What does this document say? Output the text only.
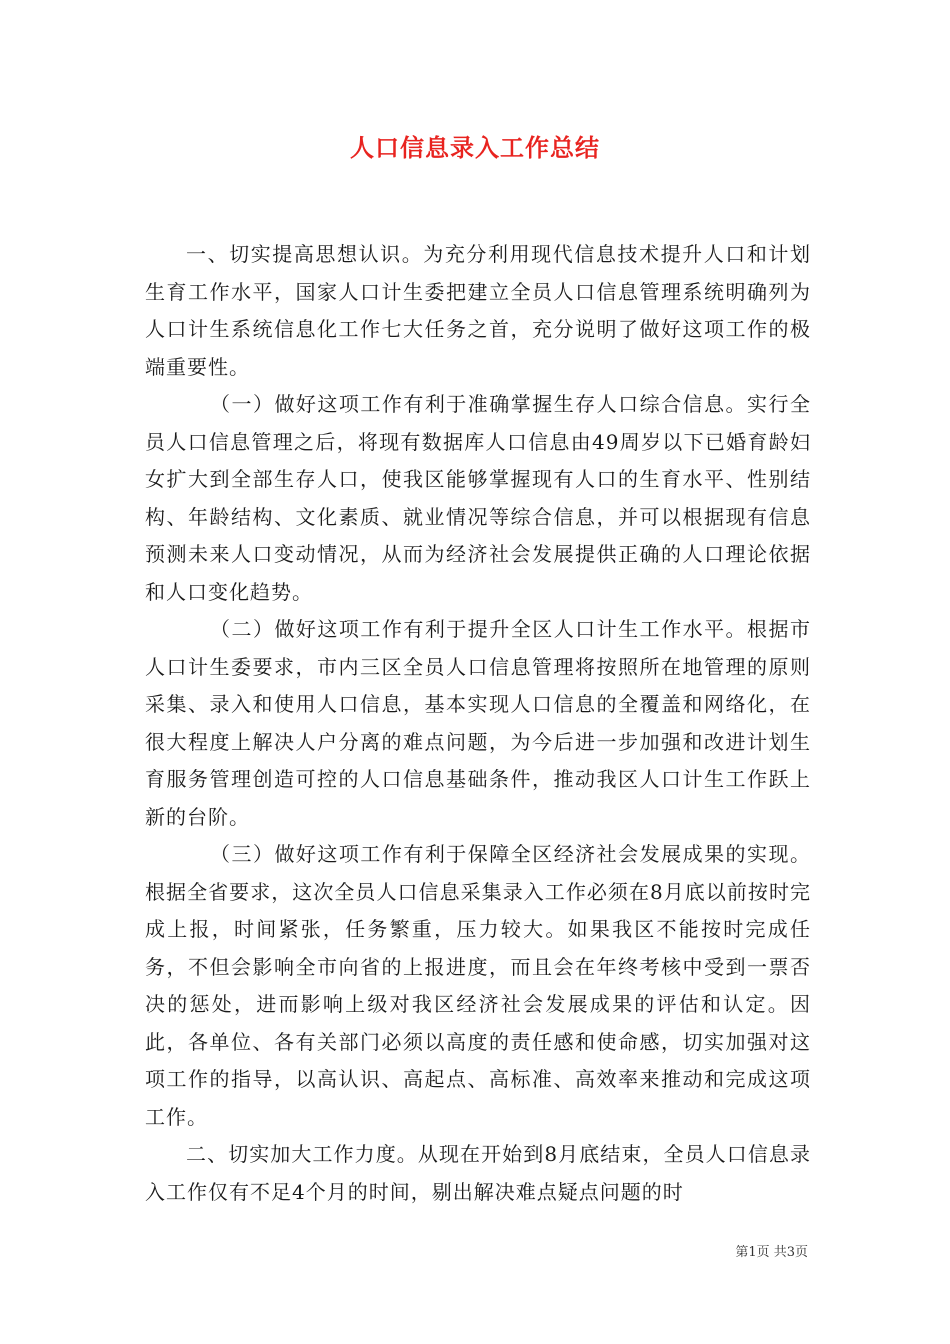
人口信息录入工作总结

一、切实提高思想认识。为充分利用现代信息技术提升人口和计划生育工作水平，国家人口计生委把建立全员人口信息管理系统明确列为人口计生系统信息化工作七大任务之首，充分说明了做好这项工作的极端重要性。

（一）做好这项工作有利于准确掌握生存人口综合信息。实行全员人口信息管理之后，将现有数据库人口信息由49周岁以下已婚育龄妇女扩大到全部生存人口，使我区能够掌握现有人口的生育水平、性别结构、年龄结构、文化素质、就业情况等综合信息，并可以根据现有信息预测未来人口变动情况，从而为经济社会发展提供正确的人口理论依据和人口变化趋势。

（二）做好这项工作有利于提升全区人口计生工作水平。根据市人口计生委要求，市内三区全员人口信息管理将按照所在地管理的原则采集、录入和使用人口信息，基本实现人口信息的全覆盖和网络化，在很大程度上解决人户分离的难点问题，为今后进一步加强和改进计划生育服务管理创造可控的人口信息基础条件，推动我区人口计生工作跃上新的台阶。

（三）做好这项工作有利于保障全区经济社会发展成果的实现。根据全省要求，这次全员人口信息采集录入工作必须在8月底以前按时完成上报，时间紧张，任务繁重，压力较大。如果我区不能按时完成任务，不但会影响全市向省的上报进度，而且会在年终考核中受到一票否决的惩处，进而影响上级对我区经济社会发展成果的评估和认定。因此，各单位、各有关部门必须以高度的责任感和使命感，切实加强对这项工作的指导，以高认识、高起点、高标准、高效率来推动和完成这项工作。

二、切实加大工作力度。从现在开始到8月底结束，全员人口信息录入工作仅有不足4个月的时间，剔出解决难点疑点问题的时

第1页 共3页
